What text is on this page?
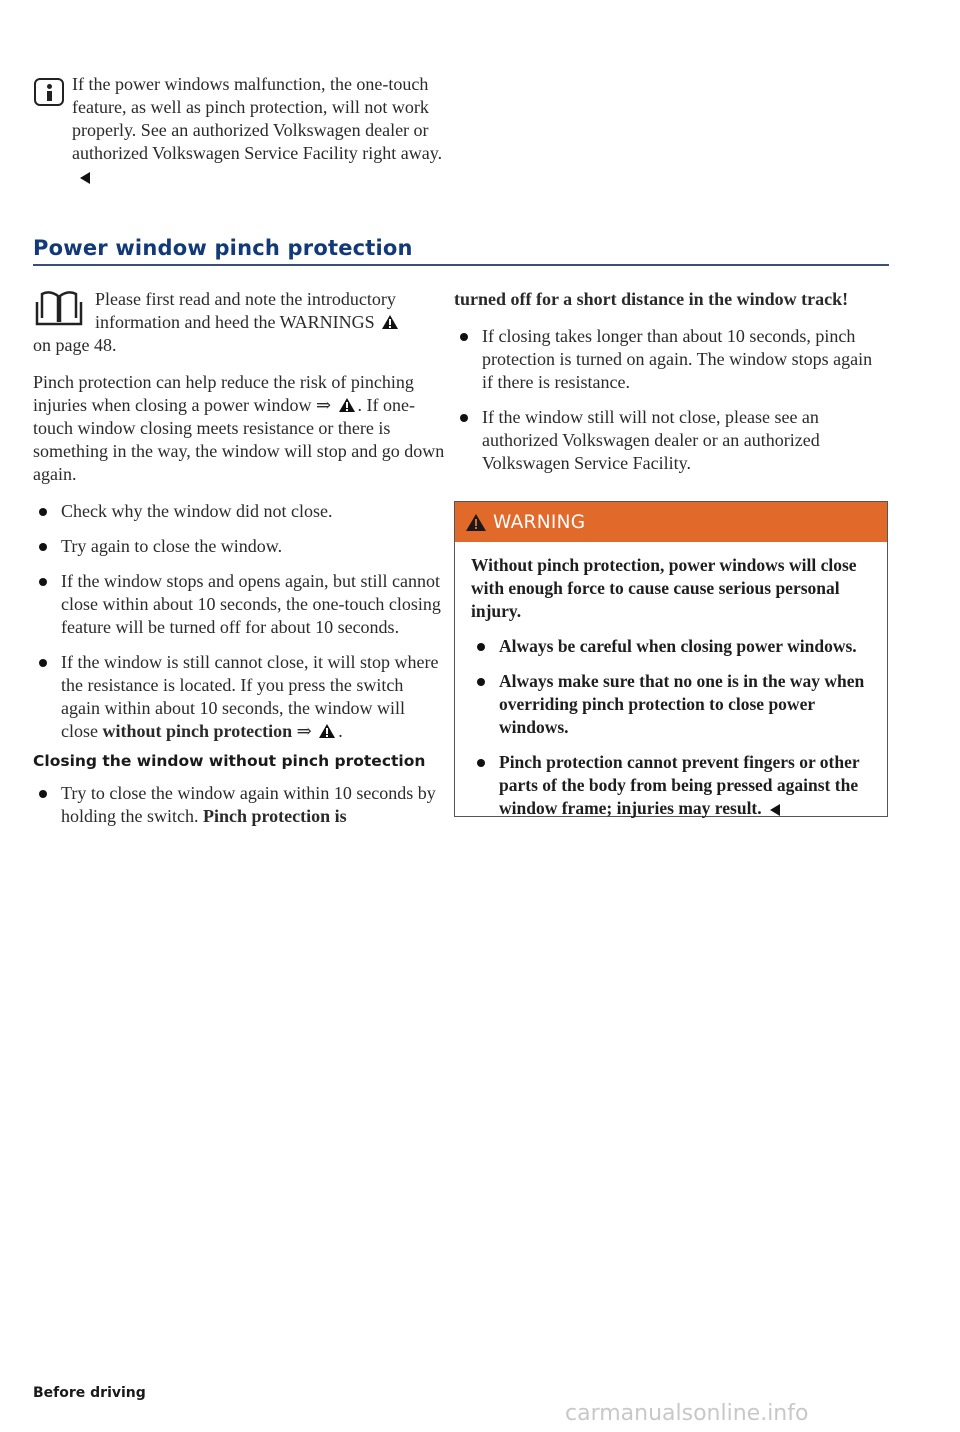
If the power windows malfunction, the one-touch feature, as well as pinch protection, will not work properly. See an authorized Volkswagen dealer or authorized Volkswagen Service Facility right away.

Power window pinch protection

Please first read and note the introductory information and heed the WARNINGS

on page 48.

Pinch protection can help reduce the risk of pinching injuries when closing a power window ⇒ . If one-touch window closing meets resistance or there is something in the way, the window will stop and go down again.

Check why the window did not close.

Try again to close the window.

If the window stops and opens again, but still cannot close within about 10 seconds, the one-touch closing feature will be turned off for about 10 seconds.

If the window is still cannot close, it will stop where the resistance is located. If you press the switch again within about 10 seconds, the window will close without pinch protection ⇒ .

Closing the window without pinch protection

Try to close the window again within 10 seconds by holding the switch. Pinch protection is

turned off for a short distance in the window track!

If closing takes longer than about 10 seconds, pinch protection is turned on again. The window stops again if there is resistance.

If the window still will not close, please see an authorized Volkswagen dealer or an authorized Volkswagen Service Facility.

WARNING

Without pinch protection, power windows will close with enough force to cause cause serious personal injury.

Always be careful when closing power windows.

Always make sure that no one is in the way when overriding pinch protection to close power windows.

Pinch protection cannot prevent fingers or other parts of the body from being pressed against the window frame; injuries may result.

Before driving
carmanualsonline.info
